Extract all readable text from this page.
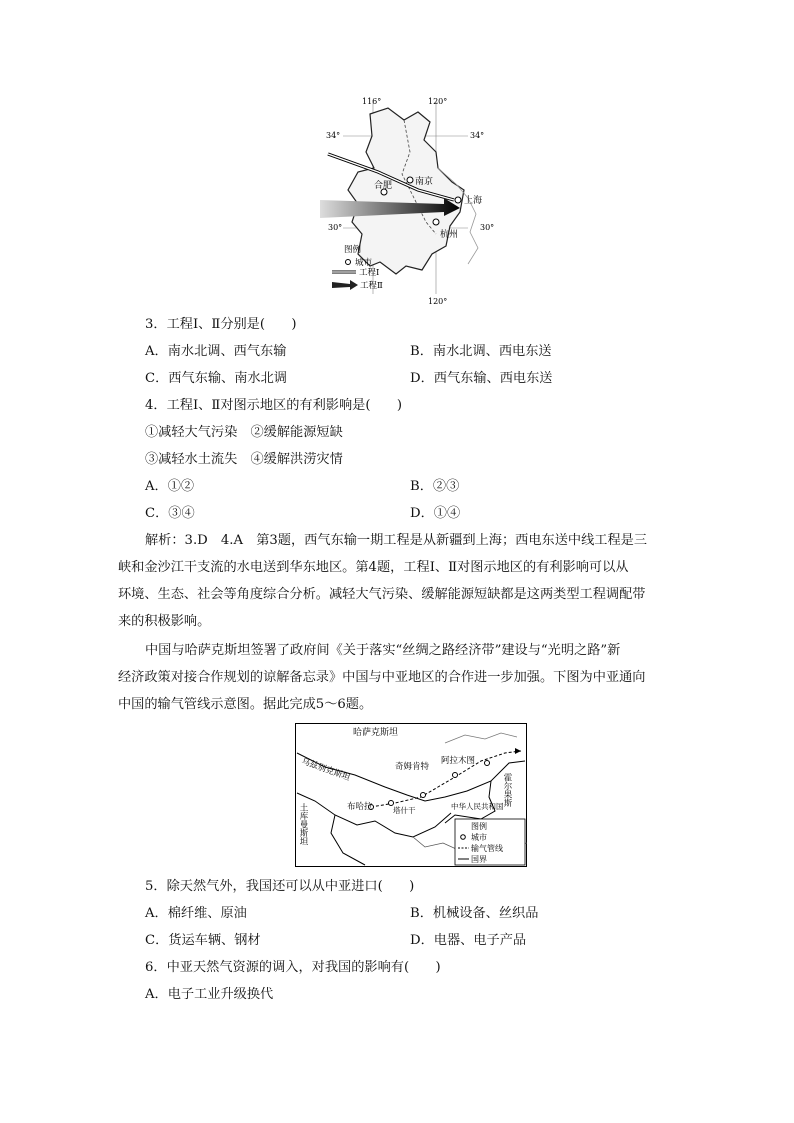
南京
合肥
上海
杭州
116°	120°
120°
34°	34°
30°	30°
图例
城市
工程Ⅰ
工程Ⅱ
3．工程Ⅰ、Ⅱ分别是(　　)
A．南水北调、西气东输	B．南水北调、西电东送
C．西气东输、南水北调	D．西气东输、西电东送
4．工程Ⅰ、Ⅱ对图示地区的有利影响是(　　)
①减轻大气污染　②缓解能源短缺
③减轻水土流失　④缓解洪涝灾情
A．①②	B．②③
C．③④	D．①④
解析：3.D　4.A　第3题，西气东输一期工程是从新疆到上海；西电东送中线工程是三
峡和金沙江干支流的水电送到华东地区。第4题，工程Ⅰ、Ⅱ对图示地区的有利影响可以从
环境、生态、社会等角度综合分析。减轻大气污染、缓解能源短缺都是这两类型工程调配带
来的积极影响。
中国与哈萨克斯坦签署了政府间《关于落实“丝绸之路经济带”建设与“光明之路”新
经济政策对接合作规划的谅解备忘录》中国与中亚地区的合作进一步加强。下图为中亚通向
中国的输气管线示意图。据此完成5～6题。
哈萨克斯坦
乌兹别克斯坦	奇姆肯特
阿拉木图
布哈拉	塔什干	中华人民共和国
霍尔果斯
土库曼斯坦	图例
城市
输气管线
国界
5．除天然气外，我国还可以从中亚进口(　　)
A．棉纤维、原油	B．机械设备、丝织品
C．货运车辆、钢材	D．电器、电子产品
6．中亚天然气资源的调入，对我国的影响有(　　)
A．电子工业升级换代
